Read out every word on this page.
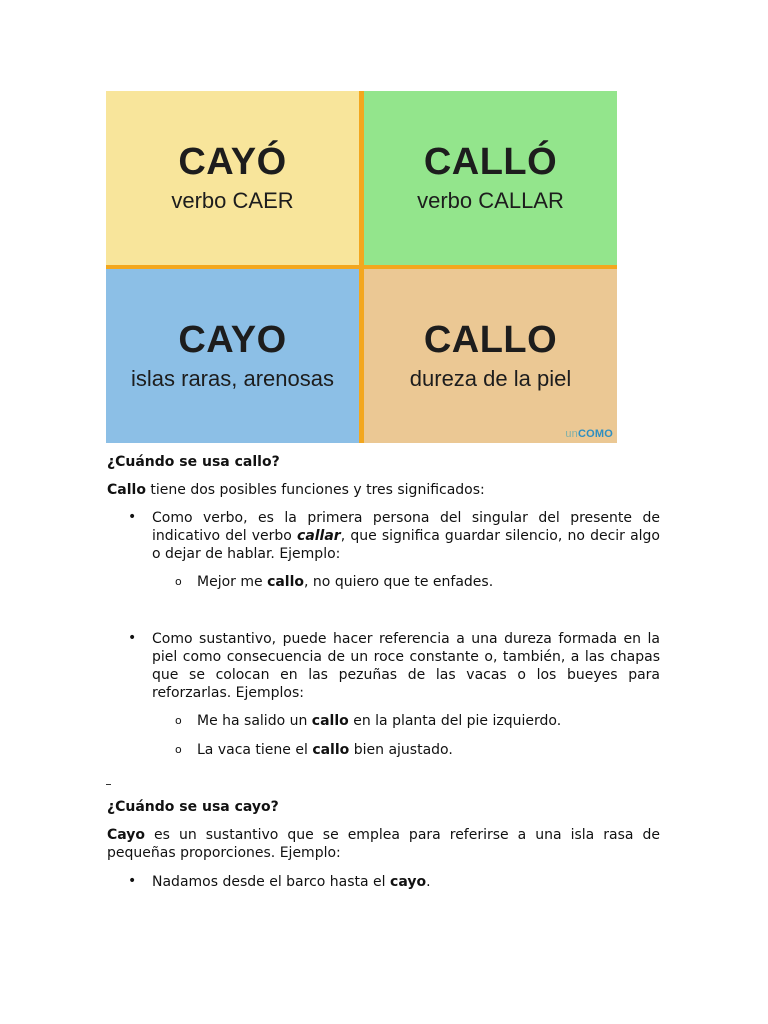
CAYÓ
verbo CAER
CALLÓ
verbo CALLAR
CAYO
islas raras, arenosas
CALLO
dureza de la piel
unCOMO
¿Cuándo se usa callo?
Callo tiene dos posibles funciones y tres significados:
• Como verbo, es la primera persona del singular del presente de indicativo del verbo callar, que significa guardar silencio, no decir algo o dejar de hablar. Ejemplo:
o Mejor me callo, no quiero que te enfades.
• Como sustantivo, puede hacer referencia a una dureza formada en la piel como consecuencia de un roce constante o, también, a las chapas que se colocan en las pezuñas de las vacas o los bueyes para reforzarlas. Ejemplos:
o Me ha salido un callo en la planta del pie izquierdo.
o La vaca tiene el callo bien ajustado.
¿Cuándo se usa cayo?
Cayo es un sustantivo que se emplea para referirse a una isla rasa de pequeñas proporciones. Ejemplo:
• Nadamos desde el barco hasta el cayo.
